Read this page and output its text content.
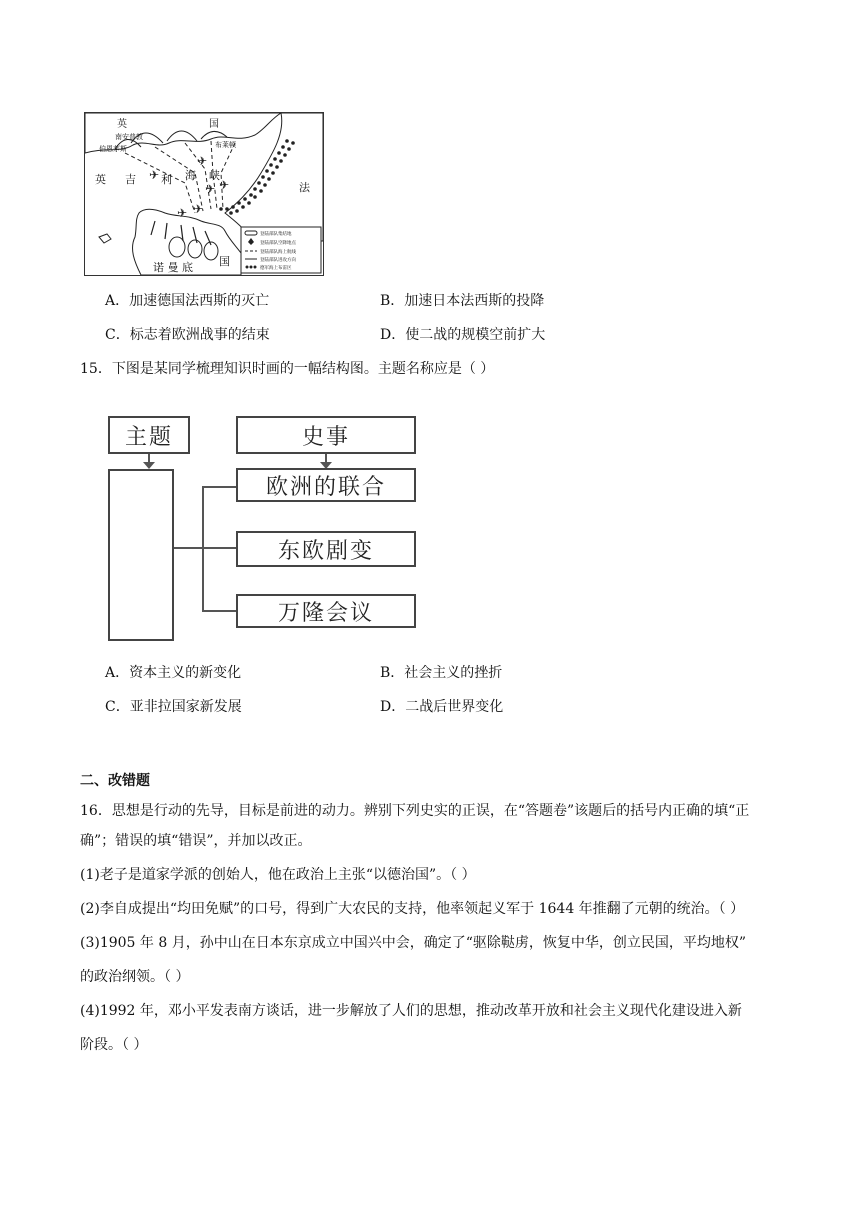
✈
✈
✈
✈ ✈
✈
英	国
南安普敦
布莱顿
伯恩茅斯
英 吉 利 海 峡
法
诺 曼 底 国
登陆部队集结地
登陆部队空降地点
登陆部队海上航线
登陆部队进攻方向
德军海上布雷区
A．加速德国法西斯的灭亡	B．加速日本法西斯的投降
C．标志着欧洲战事的结束	D．使二战的规模空前扩大
15．下图是某同学梳理知识时画的一幅结构图。主题名称应是（ ）
主题	史事
欧洲的联合
东欧剧变
万隆会议
A．资本主义的新变化	B．社会主义的挫折
C．亚非拉国家新发展	D．二战后世界变化
二、改错题
16．思想是行动的先导，目标是前进的动力。辨别下列史实的正误，在“答题卷”该题后的括号内正确的填“正
确”；错误的填“错误”，并加以改正。
(1)老子是道家学派的创始人，他在政治上主张“以德治国”。（ ）
(2)李自成提出“均田免赋”的口号，得到广大农民的支持，他率领起义军于 1644 年推翻了元朝的统治。（ ）
(3)1905 年 8 月，孙中山在日本东京成立中国兴中会，确定了“驱除鞑虏，恢复中华，创立民国，平均地权”
的政治纲领。（ ）
(4)1992 年，邓小平发表南方谈话，进一步解放了人们的思想，推动改革开放和社会主义现代化建设进入新
阶段。（ ）
